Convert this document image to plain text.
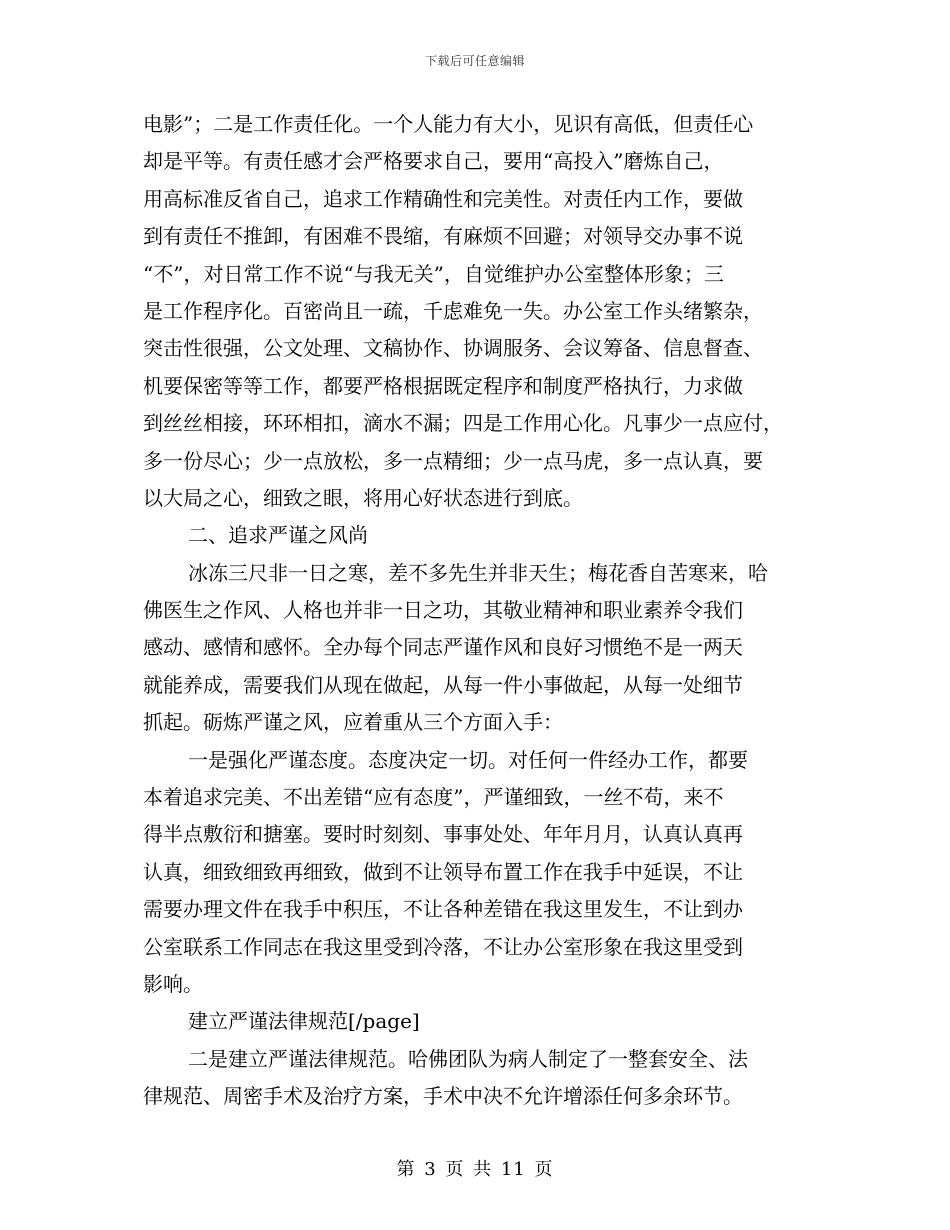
下载后可任意编辑
电影”；二是工作责任化。一个人能力有大小，见识有高低，但责任心
却是平等。有责任感才会严格要求自己，要用“高投入”磨炼自己，
用高标准反省自己，追求工作精确性和完美性。对责任内工作，要做
到有责任不推卸，有困难不畏缩，有麻烦不回避；对领导交办事不说
“不”，对日常工作不说“与我无关”，自觉维护办公室整体形象；三
是工作程序化。百密尚且一疏，千虑难免一失。办公室工作头绪繁杂，
突击性很强，公文处理、文稿协作、协调服务、会议筹备、信息督查、
机要保密等等工作，都要严格根据既定程序和制度严格执行，力求做
到丝丝相接，环环相扣，滴水不漏；四是工作用心化。凡事少一点应付，
多一份尽心；少一点放松，多一点精细；少一点马虎，多一点认真，要
以大局之心，细致之眼，将用心好状态进行到底。
二、追求严谨之风尚
冰冻三尺非一日之寒，差不多先生并非天生；梅花香自苦寒来，哈
佛医生之作风、人格也并非一日之功，其敬业精神和职业素养令我们
感动、感情和感怀。全办每个同志严谨作风和良好习惯绝不是一两天
就能养成，需要我们从现在做起，从每一件小事做起，从每一处细节
抓起。砺炼严谨之风，应着重从三个方面入手：
一是强化严谨态度。态度决定一切。对任何一件经办工作，都要
本着追求完美、不出差错“应有态度”，严谨细致，一丝不苟，来不
得半点敷衍和搪塞。要时时刻刻、事事处处、年年月月，认真认真再
认真，细致细致再细致，做到不让领导布置工作在我手中延误，不让
需要办理文件在我手中积压，不让各种差错在我这里发生，不让到办
公室联系工作同志在我这里受到冷落，不让办公室形象在我这里受到
影响。
建立严谨法律规范[/page]
二是建立严谨法律规范。哈佛团队为病人制定了一整套安全、法
律规范、周密手术及治疗方案，手术中决不允许增添任何多余环节。
第 3 页 共 11 页
